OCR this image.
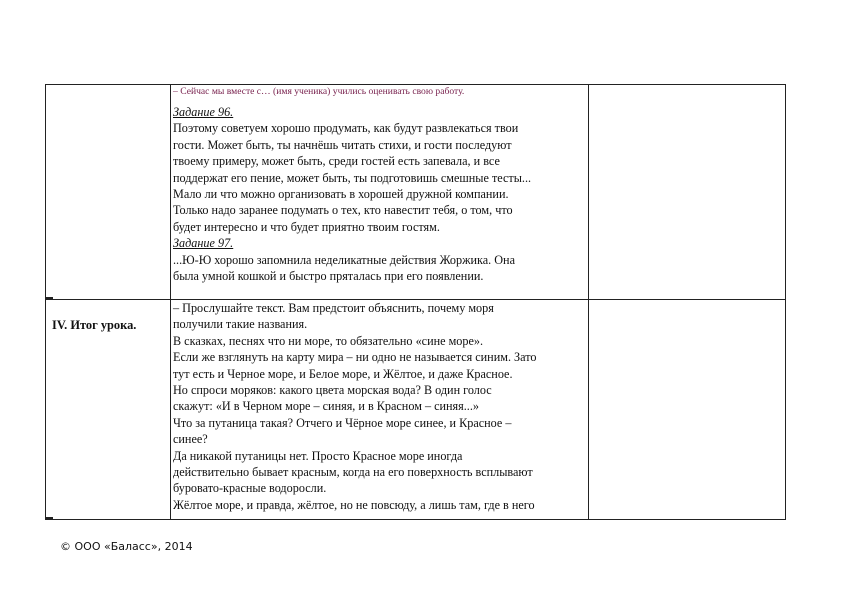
IV. Итог урока.

– Сейчас мы вместе с… (имя ученика) учились оценивать свою работу.

Задание 96.

Поэтому советуем хорошо продумать, как будут развлекаться твои

гости. Может быть, ты начнёшь читать стихи, и гости последуют

твоему примеру, может быть, среди гостей есть запевала, и все

поддержат его пение, может быть, ты подготовишь смешные тесты...

Мало ли что можно организовать в хорошей дружной компании.

Только надо заранее подумать о тех, кто навестит тебя, о том, что

будет интересно и что будет приятно твоим гостям.

Задание 97.

...Ю-Ю хорошо запомнила неделикатные действия Жоржика. Она

была умной кошкой и быстро пряталась при его появлении.

– Прослушайте текст. Вам предстоит объяснить, почему моря

получили такие названия.

В сказках, песнях что ни море, то обязательно «сине море».

Если же взглянуть на карту мира – ни одно не называется синим. Зато

тут есть и Черное море, и Белое море, и Жёлтое, и даже Красное.

Но спроси моряков: какого цвета морская вода? В один голос

скажут: «И в Черном море – синяя, и в Красном – синяя...»

Что за путаница такая? Отчего и Чёрное море синее, и Красное –

синее?

Да никакой путаницы нет. Просто Красное море иногда

действительно бывает красным, когда на его поверхность всплывают

буровато-красные водоросли.

Жёлтое море, и правда, жёлтое, но не повсюду, а лишь там, где в него

© ООО «Баласс», 2014
